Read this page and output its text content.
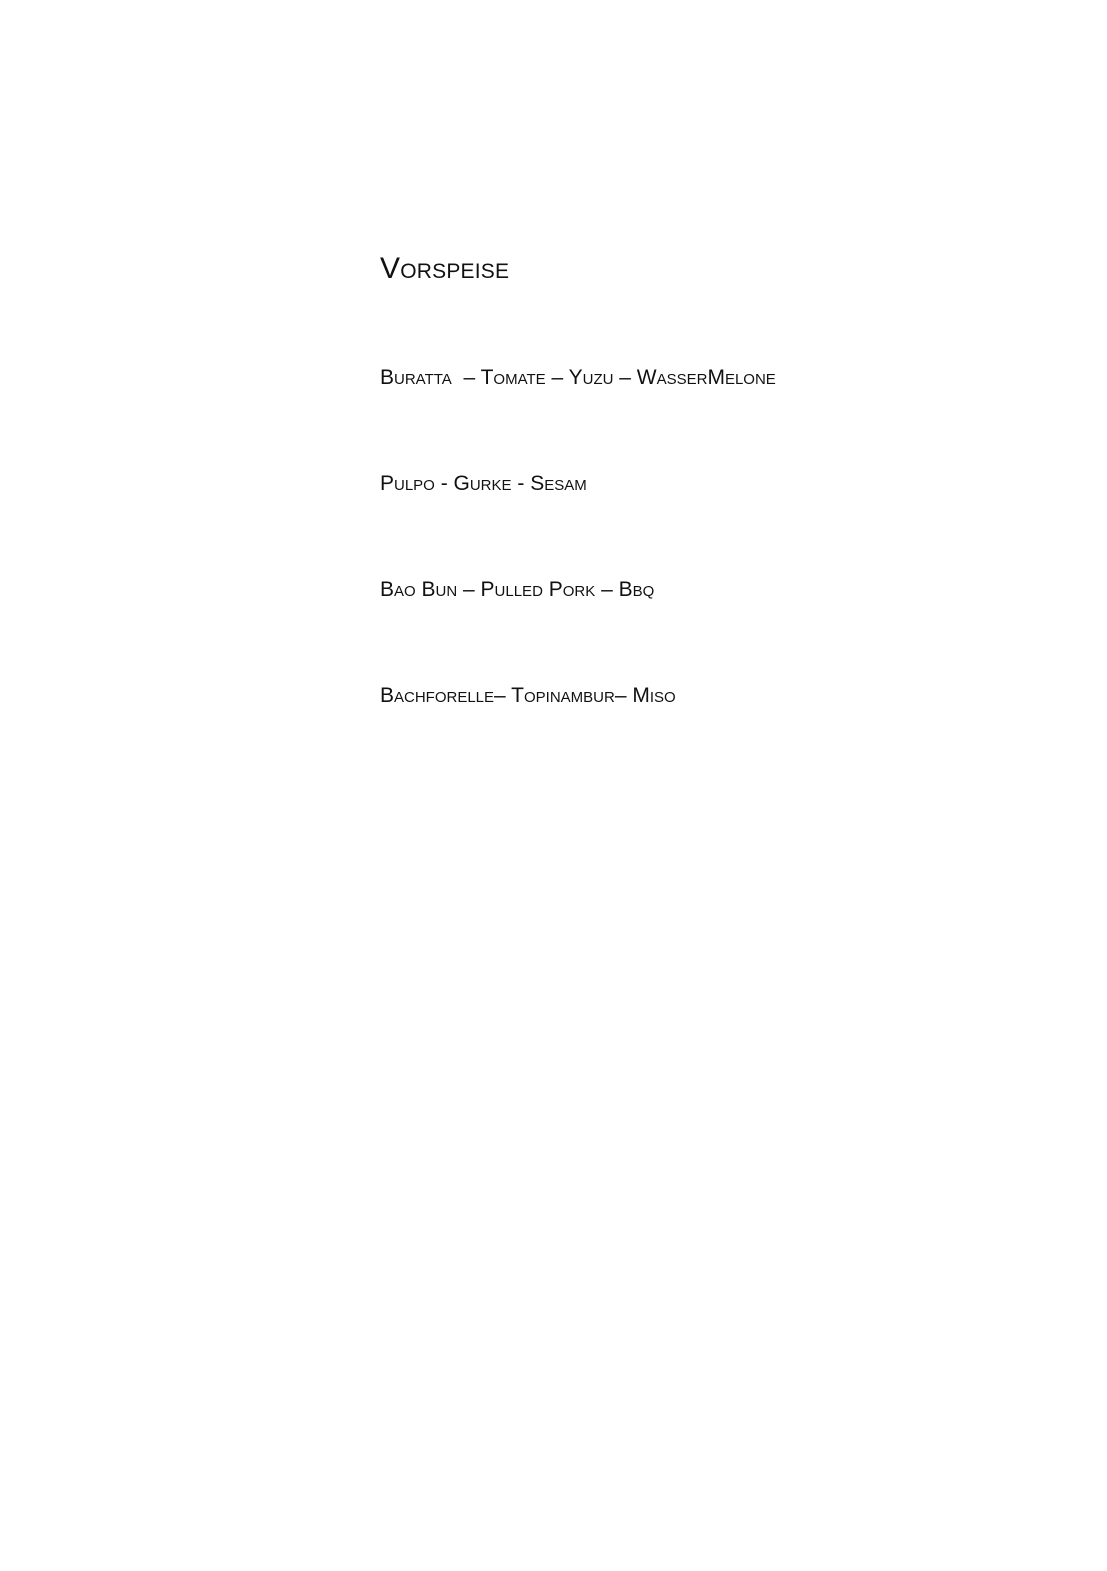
Vorspeise
Buratta  – Tomate – Yuzu – WasserMelone
Pulpo - Gurke - Sesam
Bao Bun – Pulled Pork – Bbq
Bachforelle– Topinambur– Miso
